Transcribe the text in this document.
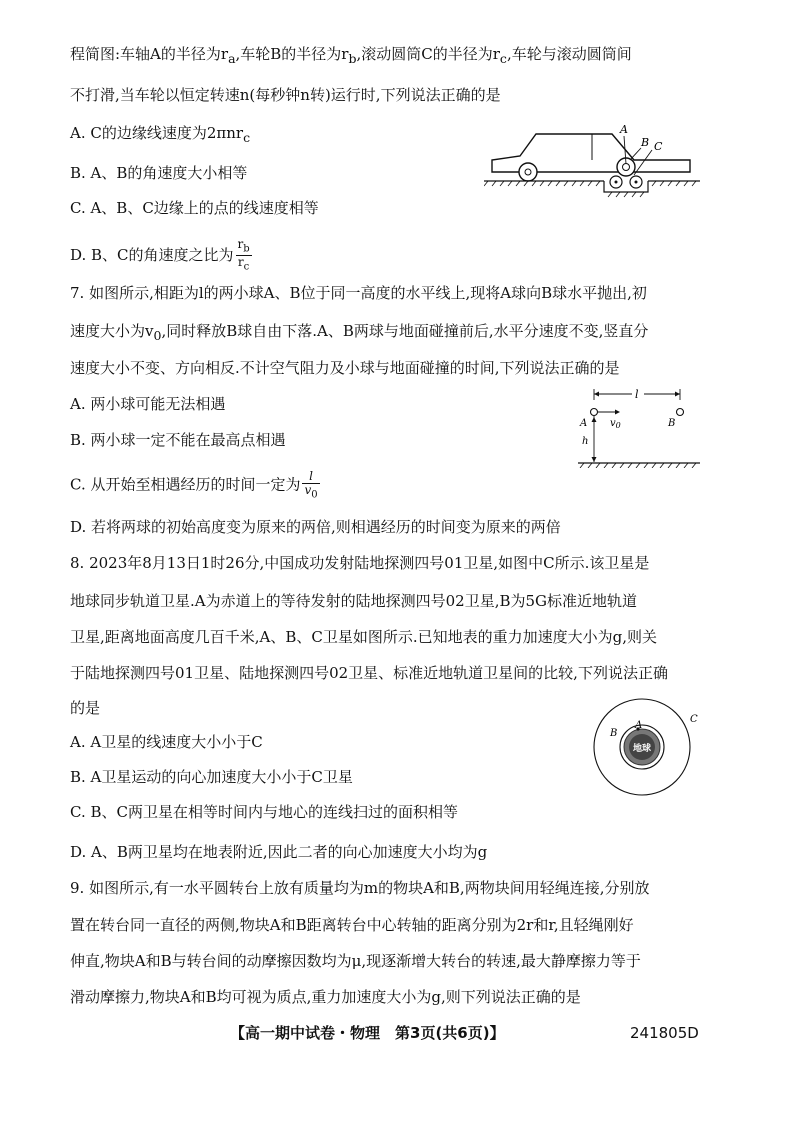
程简图:车轴A的半径为$r_a$,车轮B的半径为$r_b$,滚动圆筒C的半径为$r_c$,车轮与滚动圆筒间
不打滑,当车轮以恒定转速n(每秒钟n转)运行时,下列说法正确的是
A. C的边缘线速度为2πnr$_c$
B. A、B的角速度大小相等
C. A、B、C边缘上的点的线速度相等
D. B、C的角速度之比为 $\frac{r_b}{r_c}$
A
B C
7. 如图所示,相距为l的两小球A、B位于同一高度的水平线上,现将A球向B球水平抛出,初
速度大小为$v_0$,同时释放B球自由下落.A、B两球与地面碰撞前后,水平分速度不变,竖直分
速度大小不变、方向相反.不计空气阻力及小球与地面碰撞的时间,下列说法正确的是
A. 两小球可能无法相遇
B. 两小球一定不能在最高点相遇
C. 从开始至相遇经历的时间一定为 $\frac{l}{v_0}$
D. 若将两球的初始高度变为原来的两倍,则相遇经历的时间变为原来的两倍
l
$v_0$
A	B
h
8. 2023年8月13日1时26分,中国成功发射陆地探测四号01卫星,如图中C所示.该卫星是
地球同步轨道卫星.A为赤道上的等待发射的陆地探测四号02卫星,B为5G标准近地轨道
卫星,距离地面高度几百千米,A、B、C卫星如图所示.已知地表的重力加速度大小为g,则关
于陆地探测四号01卫星、陆地探测四号02卫星、标准近地轨道卫星间的比较,下列说法正确
的是
A. A卫星的线速度大小小于C
B. A卫星运动的向心加速度大小小于C卫星
C. B、C两卫星在相等时间内与地心的连线扫过的面积相等
D. A、B两卫星均在地表附近,因此二者的向心加速度大小均为g
地球
A
B
C
9. 如图所示,有一水平圆转台上放有质量均为m的物块A和B,两物块间用轻绳连接,分别放
置在转台同一直径的两侧,物块A和B距离转台中心转轴的距离分别为2r和r,且轻绳刚好
伸直,物块A和B与转台间的动摩擦因数均为μ,现逐渐增大转台的转速,最大静摩擦力等于
滑动摩擦力,物块A和B均可视为质点,重力加速度大小为g,则下列说法正确的是
【高一期中试卷・物理　第3页(共6页)】	241805D
